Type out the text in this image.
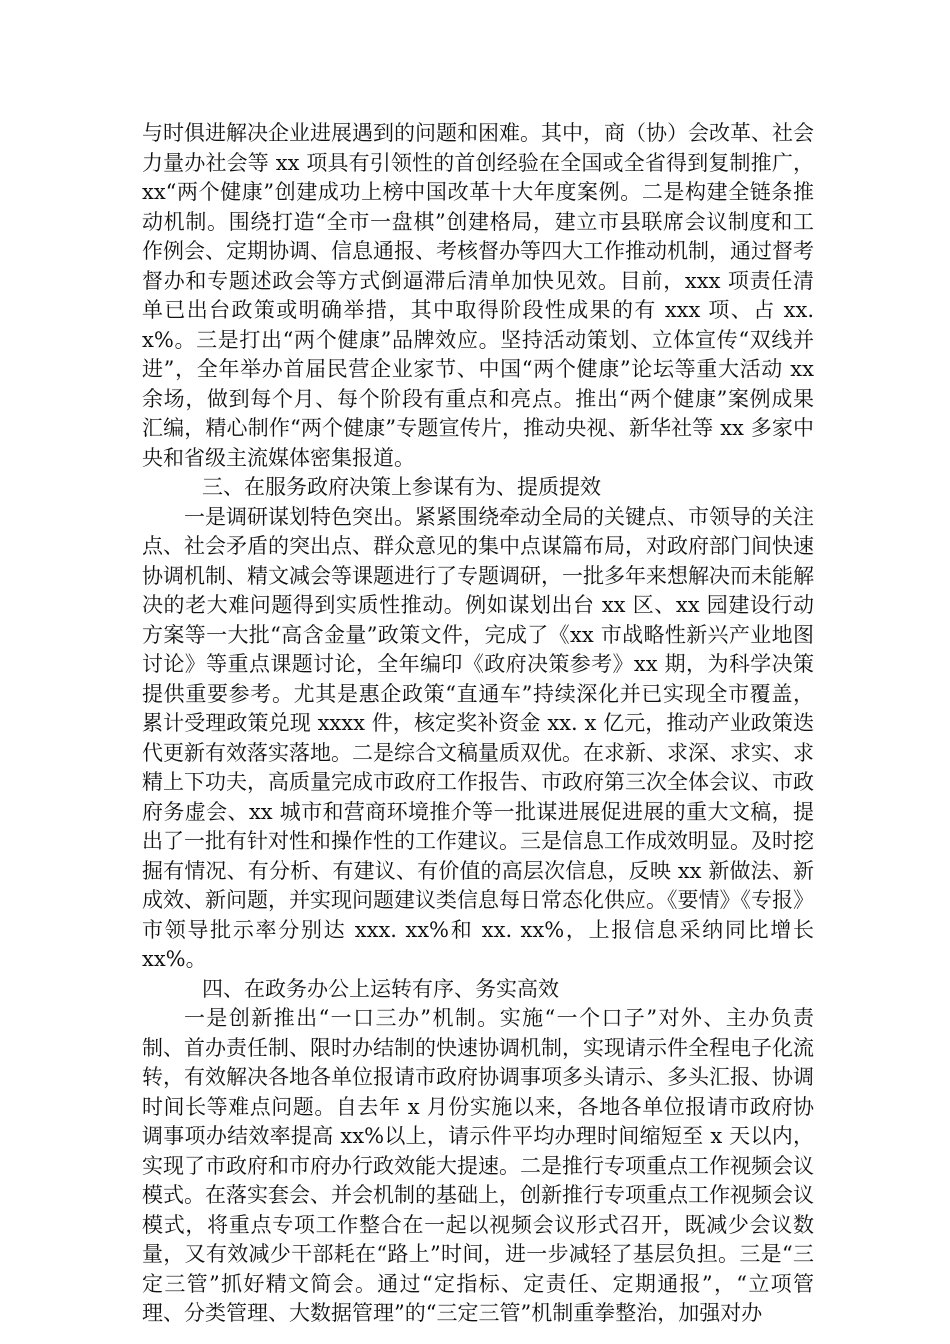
与时俱进解决企业进展遇到的问题和困难。其中，商（协）会改革、社会力量办社会等 xx 项具有引领性的首创经验在全国或全省得到复制推广，xx“两个健康”创建成功上榜中国改革十大年度案例。二是构建全链条推动机制。围绕打造“全市一盘棋”创建格局，建立市县联席会议制度和工作例会、定期协调、信息通报、考核督办等四大工作推动机制，通过督考督办和专题述政会等方式倒逼滞后清单加快见效。目前，xxx 项责任清单已出台政策或明确举措，其中取得阶段性成果的有 xxx 项、占 xx. x%。三是打出“两个健康”品牌效应。坚持活动策划、立体宣传“双线并进”，全年举办首届民营企业家节、中国“两个健康”论坛等重大活动 xx 余场，做到每个月、每个阶段有重点和亮点。推出“两个健康”案例成果汇编，精心制作“两个健康”专题宣传片，推动央视、新华社等 xx 多家中央和省级主流媒体密集报道。

三、在服务政府决策上参谋有为、提质提效

一是调研谋划特色突出。紧紧围绕牵动全局的关键点、市领导的关注点、社会矛盾的突出点、群众意见的集中点谋篇布局，对政府部门间快速协调机制、精文减会等课题进行了专题调研，一批多年来想解决而未能解决的老大难问题得到实质性推动。例如谋划出台 xx 区、xx 园建设行动方案等一大批“高含金量”政策文件，完成了《xx 市战略性新兴产业地图讨论》等重点课题讨论，全年编印《政府决策参考》xx 期，为科学决策提供重要参考。尤其是惠企政策“直通车”持续深化并已实现全市覆盖，累计受理政策兑现 xxxx 件，核定奖补资金 xx. x 亿元，推动产业政策迭代更新有效落实落地。二是综合文稿量质双优。在求新、求深、求实、求精上下功夫，高质量完成市政府工作报告、市政府第三次全体会议、市政府务虚会、xx 城市和营商环境推介等一批谋进展促进展的重大文稿，提出了一批有针对性和操作性的工作建议。三是信息工作成效明显。及时挖掘有情况、有分析、有建议、有价值的高层次信息，反映 xx 新做法、新成效、新问题，并实现问题建议类信息每日常态化供应。《要情》《专报》市领导批示率分别达 xxx. xx%和 xx. xx%，上报信息采纳同比增长 xx%。

四、在政务办公上运转有序、务实高效

一是创新推出“一口三办”机制。实施“一个口子”对外、主办负责制、首办责任制、限时办结制的快速协调机制，实现请示件全程电子化流转，有效解决各地各单位报请市政府协调事项多头请示、多头汇报、协调时间长等难点问题。自去年 x 月份实施以来，各地各单位报请市政府协调事项办结效率提高 xx%以上，请示件平均办理时间缩短至 x 天以内，实现了市政府和市府办行政效能大提速。二是推行专项重点工作视频会议模式。在落实套会、并会机制的基础上，创新推行专项重点工作视频会议模式，将重点专项工作整合在一起以视频会议形式召开，既减少会议数量，又有效减少干部耗在“路上”时间，进一步减轻了基层负担。三是“三定三管”抓好精文简会。通过“定指标、定责任、定期通报”，“立项管理、分类管理、大数据管理”的“三定三管”机制重拳整治，加强对办
